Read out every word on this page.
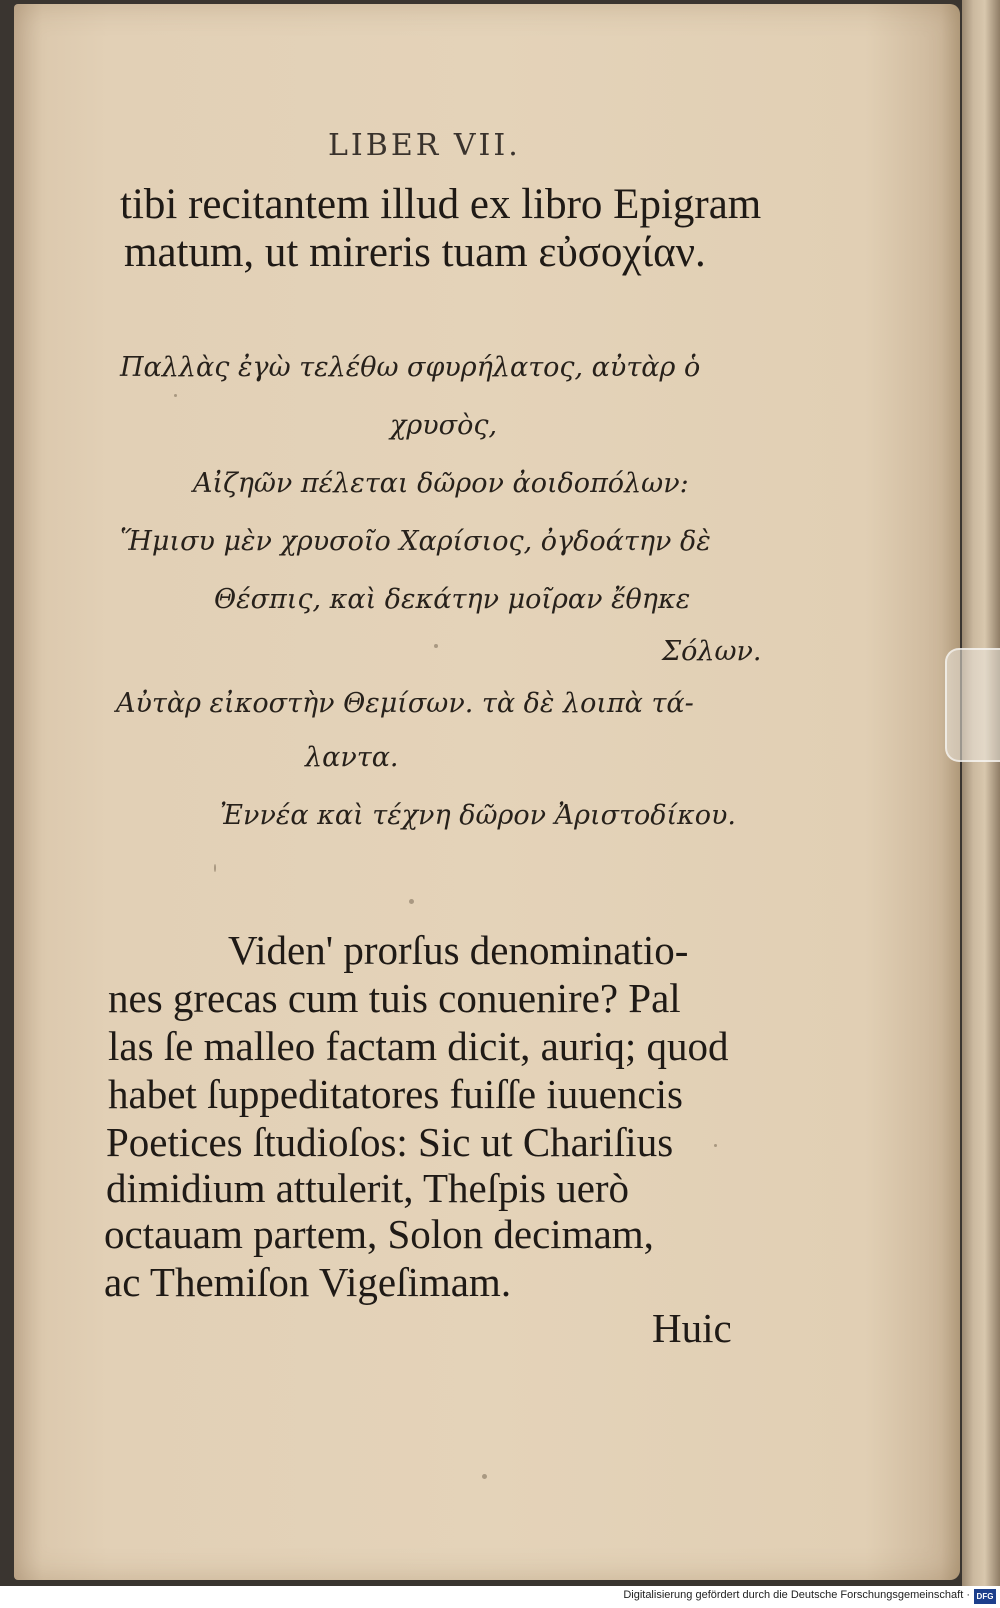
LIBER VII.
tibi recitantem illud ex libro Epigram
matum, ut mireris tuam εὐσοχίαν.
Παλλὰς ἐγὼ τελέθω σφυρήλατος, αὐτὰρ ὁ
χρυσὸς,
Αἰζηῶν πέλεται δῶρον ἀοιδοπόλων:
Ἥμισυ μὲν χρυσοῖο Χαρίσιος, ὀγδοάτην δὲ
Θέσπις, καὶ δεκάτην μοῖραν ἔθηκε
Σόλων.
Αὐτὰρ εἰκοστὴν Θεμίσων. τὰ δὲ λοιπὰ τά-
λαντα.
Ἐννέα καὶ τέχνη δῶρον Ἀριστοδίκου.
Viden' prorſus denominatio-
nes grecas cum tuis conuenire? Pal
las ſe malleo factam dicit, auriq; quod
habet ſuppeditatores fuiſſe iuuencis
Poetices ſtudioſos: Sic ut Chariſius
dimidium attulerit, Theſpis uerò
octauam partem, Solon decimam,
ac Themiſon Vigeſimam.
Huic
Digitalisierung gefördert durch die Deutsche Forschungsgemeinschaft · DFG
